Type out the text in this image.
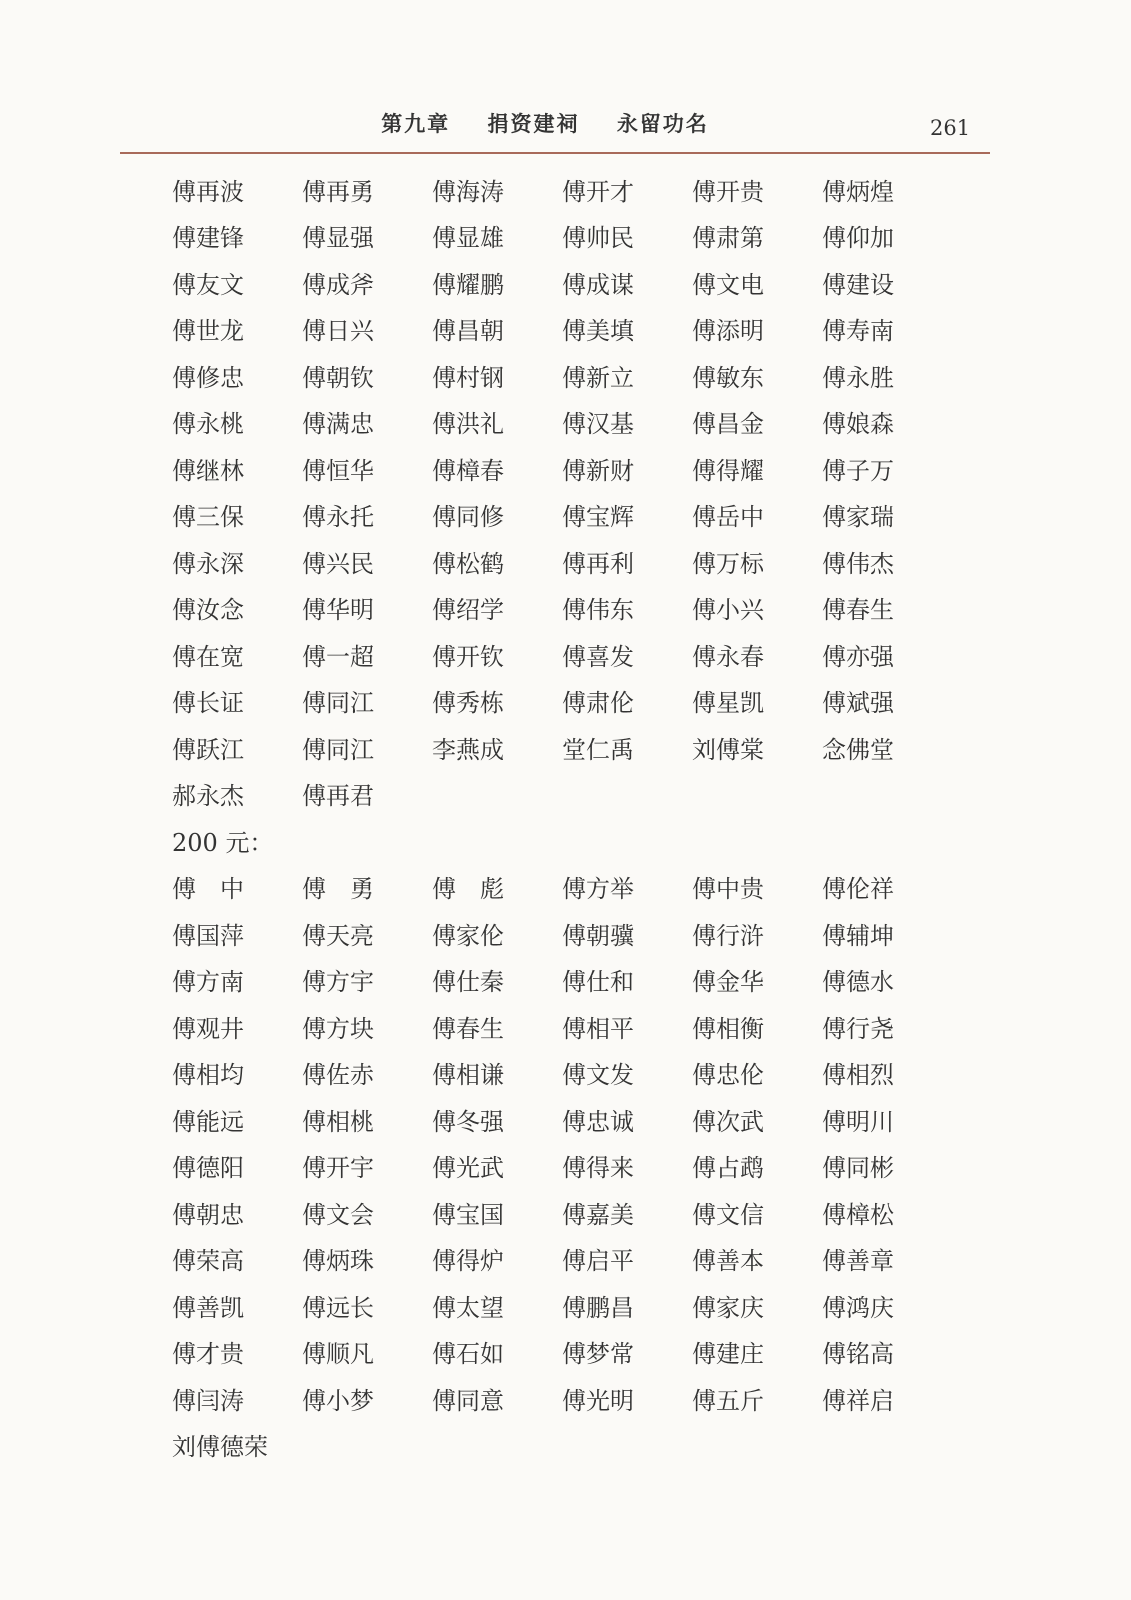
第九章 捐资建祠 永留功名	261
傅再波	傅再勇	傅海涛	傅开才	傅开贵	傅炳煌
傅建锋	傅显强	傅显雄	傅帅民	傅肃第	傅仰加
傅友文	傅成斧	傅耀鹏	傅成谋	傅文电	傅建设
傅世龙	傅日兴	傅昌朝	傅美填	傅添明	傅寿南
傅修忠	傅朝钦	傅村钢	傅新立	傅敏东	傅永胜
傅永桃	傅满忠	傅洪礼	傅汉基	傅昌金	傅娘森
傅继林	傅恒华	傅樟春	傅新财	傅得耀	傅子万
傅三保	傅永托	傅同修	傅宝辉	傅岳中	傅家瑞
傅永深	傅兴民	傅松鹤	傅再利	傅万标	傅伟杰
傅汝念	傅华明	傅绍学	傅伟东	傅小兴	傅春生
傅在宽	傅一超	傅开钦	傅喜发	傅永春	傅亦强
傅长证	傅同江	傅秀栋	傅肃伦	傅星凯	傅斌强
傅跃江	傅同江	李燕成	堂仁禹	刘傅棠	念佛堂
郝永杰	傅再君
200 元：
傅　中	傅　勇	傅　彪	傅方举	傅中贵	傅伦祥
傅国萍	傅天亮	傅家伦	傅朝骥	傅行浒	傅辅坤
傅方南	傅方宇	傅仕秦	傅仕和	傅金华	傅德水
傅观井	傅方块	傅春生	傅相平	傅相衡	傅行尧
傅相均	傅佐赤	傅相谦	傅文发	傅忠伦	傅相烈
傅能远	傅相桃	傅冬强	傅忠诚	傅次武	傅明川
傅德阳	傅开宇	傅光武	傅得来	傅占鹉	傅同彬
傅朝忠	傅文会	傅宝国	傅嘉美	傅文信	傅樟松
傅荣高	傅炳珠	傅得炉	傅启平	傅善本	傅善章
傅善凯	傅远长	傅太望	傅鹏昌	傅家庆	傅鸿庆
傅才贵	傅顺凡	傅石如	傅梦常	傅建庄	傅铭高
傅闫涛	傅小梦	傅同意	傅光明	傅五斤	傅祥启
刘傅德荣
